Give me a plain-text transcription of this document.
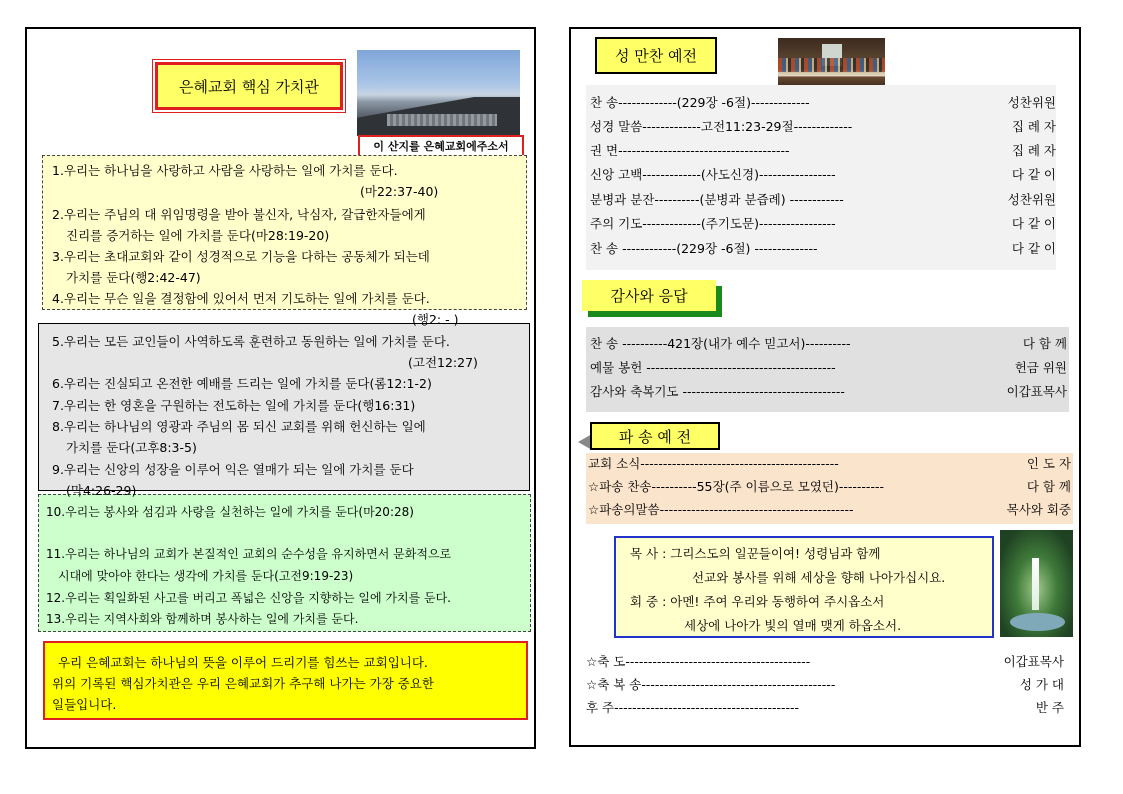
은혜교회 핵심 가치관
이 산지를 은혜교회에주소서
1.우리는 하나님을 사랑하고 사람을 사랑하는 일에 가치를 둔다.
(마22:37-40)
2.우리는 주님의 대 위임명령을 받아 불신자, 낙심자, 갈급한자들에게
진리를 증거하는 일에 가치를 둔다(마28:19-20)
3.우리는 초대교회와 같이 성경적으로 기능을 다하는 공동체가 되는데
가치를 둔다(행2:42-47)
4.우리는 무슨 일을 결정함에 있어서 먼저 기도하는 일에 가치를 둔다.
(행2: - )
5.우리는 모든 교인들이 사역하도록 훈련하고 동원하는 일에 가치를 둔다.
(고전12:27)
6.우리는 진실되고 온전한 예배를 드리는 일에 가치를 둔다(롬12:1-2)
7.우리는 한 영혼을 구원하는 전도하는 일에 가치를 둔다(행16:31)
8.우리는 하나님의 영광과 주님의 몸 되신 교회를 위해 헌신하는 일에
가치를 둔다(고후8:3-5)
9.우리는 신앙의 성장을 이루어 익은 열매가 되는 일에 가치를 둔다
(막4:26-29)
10.우리는 봉사와 섬김과 사랑을 실천하는 일에 가치를 둔다(마20:28)
11.우리는 하나님의 교회가 본질적인 교회의 순수성을 유지하면서 문화적으로
시대에 맞아야 한다는 생각에 가치를 둔다(고전9:19-23)
12.우리는 획일화된 사고를 버리고 폭넓은 신앙을 지향하는 일에 가치를 둔다.
13.우리는 지역사회와 함께하며 봉사하는 일에 가치를 둔다.
우리 은혜교회는 하나님의 뜻을 이루어 드리기를 힘쓰는 교회입니다.
위의 기록된 핵심가치관은 우리 은혜교회가 추구해 나가는 가장 중요한
일들입니다.
성 만찬 예전
찬 송-------------(229장 -6절)-------------	성찬위원
성경 말씀-------------고전11:23-29절-------------	집 례 자
권 면--------------------------------------	집 례 자
신앙 고백-------------(사도신경)-----------------	다 같 이
분병과 분잔----------(분병과 분즙례) ------------	성찬위원
주의 기도-------------(주기도문)-----------------	다 같 이
찬 송 ------------(229장 -6절) --------------	다 같 이
감사와 응답
찬 송 ----------421장(내가 예수 믿고서)----------	다 함 께
예물 봉헌 ------------------------------------------	헌금 위원
감사와 축복기도 ------------------------------------	이갑표목사
파 송 예 전
교회 소식--------------------------------------------	인 도 자
☆파송 찬송----------55장(주 이름으로 모였던)----------	다 함 께
☆파송의말씀-------------------------------------------	목사와 회중
목 사 : 그리스도의 일꾼들이여! 성령님과 함께
선교와 봉사를 위해 세상을 향해 나아가십시요.
회 중 : 아멘! 주여 우리와 동행하여 주시옵소서
세상에 나아가 빛의 열매 맺게 하옵소서.
☆축 도-----------------------------------------	이갑표목사
☆축 복 송-------------------------------------------	성 가 대
후 주-----------------------------------------	반 주
